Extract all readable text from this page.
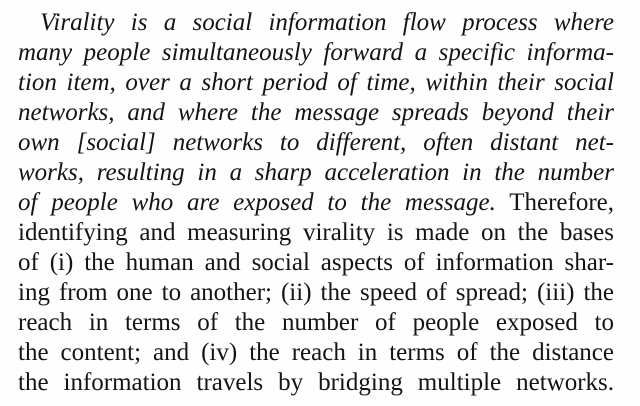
Virality is a social information flow process where
many people simultaneously forward a specific informa-
tion item, over a short period of time, within their social
networks, and where the message spreads beyond their
own [social] networks to different, often distant net-
works, resulting in a sharp acceleration in the number
of people who are exposed to the message. Therefore,
identifying and measuring virality is made on the bases
of (i) the human and social aspects of information shar-
ing from one to another; (ii) the speed of spread; (iii) the
reach in terms of the number of people exposed to
the content; and (iv) the reach in terms of the distance
the information travels by bridging multiple networks.
